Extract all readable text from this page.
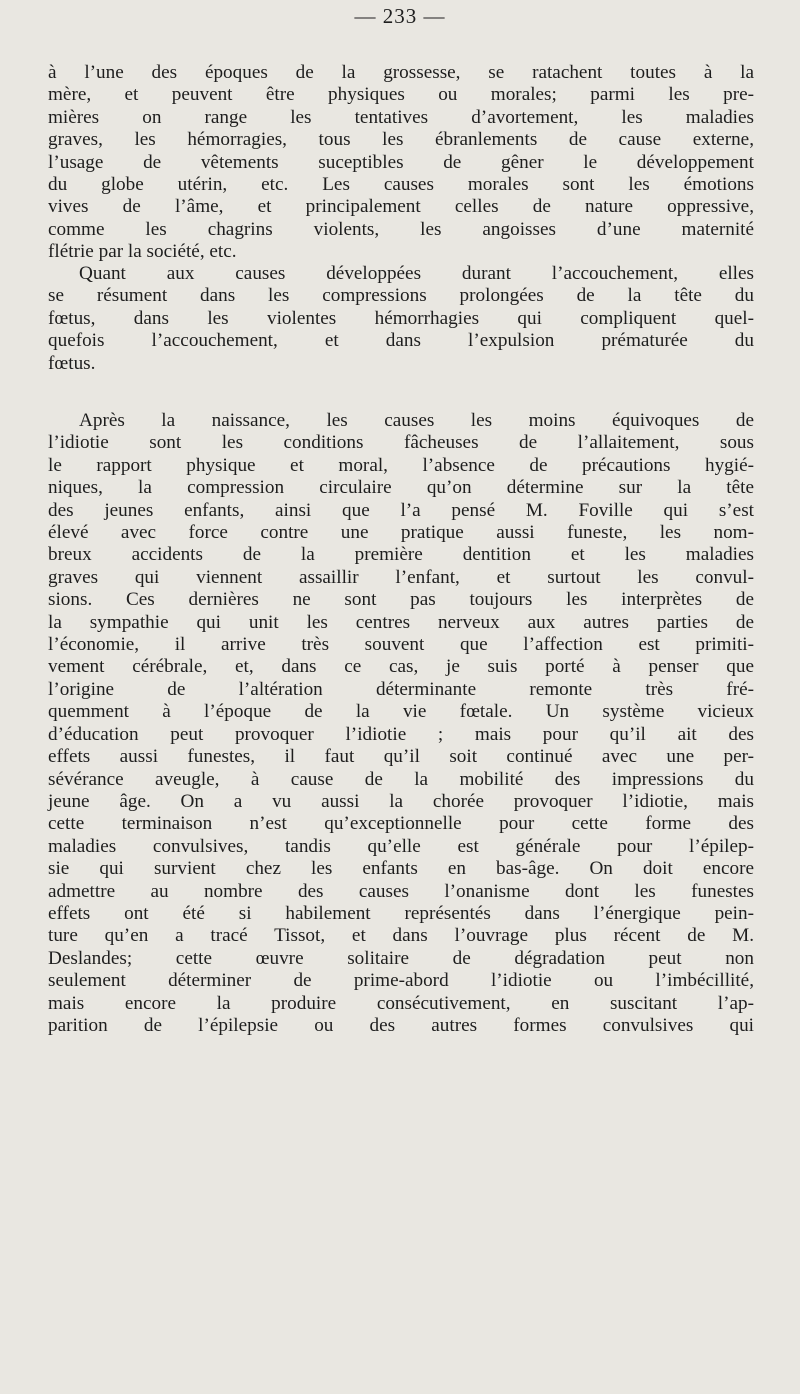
— 233 —
à l’une des époques de la grossesse, se ratachent toutes à la
mère, et peuvent être physiques ou morales; parmi les pre-
mières on range les tentatives d’avortement, les maladies
graves, les hémorragies, tous les ébranlements de cause externe,
l’usage de vêtements suceptibles de gêner le développement
du globe utérin, etc. Les causes morales sont les émotions
vives de l’âme, et principalement celles de nature oppressive,
comme les chagrins violents, les angoisses d’une maternité
flétrie par la société, etc.
Quant aux causes développées durant l’accouchement, elles
se résument dans les compressions prolongées de la tête du
fœtus, dans les violentes hémorrhagies qui compliquent quel-
quefois l’accouchement, et dans l’expulsion prématurée du
fœtus.
Après la naissance, les causes les moins équivoques de
l’idiotie sont les conditions fâcheuses de l’allaitement, sous
le rapport physique et moral, l’absence de précautions hygié-
niques, la compression circulaire qu’on détermine sur la tête
des jeunes enfants, ainsi que l’a pensé M. Foville qui s’est
élevé avec force contre une pratique aussi funeste, les nom-
breux accidents de la première dentition et les maladies
graves qui viennent assaillir l’enfant, et surtout les convul-
sions. Ces dernières ne sont pas toujours les interprètes de
la sympathie qui unit les centres nerveux aux autres parties de
l’économie, il arrive très souvent que l’affection est primiti-
vement cérébrale, et, dans ce cas, je suis porté à penser que
l’origine de l’altération déterminante remonte très fré-
quemment à l’époque de la vie fœtale. Un système vicieux
d’éducation peut provoquer l’idiotie ; mais pour qu’il ait des
effets aussi funestes, il faut qu’il soit continué avec une per-
sévérance aveugle, à cause de la mobilité des impressions du
jeune âge. On a vu aussi la chorée provoquer l’idiotie, mais
cette terminaison n’est qu’exceptionnelle pour cette forme des
maladies convulsives, tandis qu’elle est générale pour l’épilep-
sie qui survient chez les enfants en bas-âge. On doit encore
admettre au nombre des causes l’onanisme dont les funestes
effets ont été si habilement représentés dans l’énergique pein-
ture qu’en a tracé Tissot, et dans l’ouvrage plus récent de M.
Deslandes; cette œuvre solitaire de dégradation peut non
seulement déterminer de prime-abord l’idiotie ou l’imbécillité,
mais encore la produire consécutivement, en suscitant l’ap-
parition de l’épilepsie ou des autres formes convulsives qui
